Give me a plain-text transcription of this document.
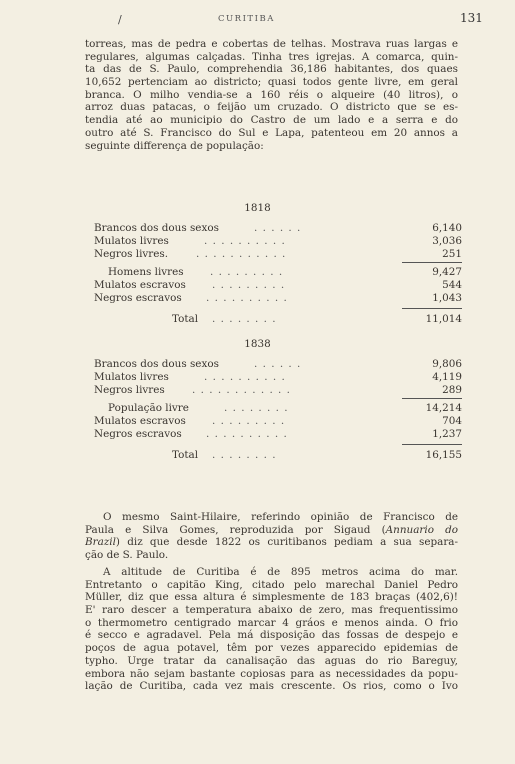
/	CURITIBA	131
torreas, mas de pedra e cobertas de telhas. Mostrava ruas largas e
regulares, algumas calçadas. Tinha tres igrejas. A comarca, quin-
ta das de S. Paulo, comprehendia 36,186 habitantes, dos quaes
10,652 pertenciam ao districto; quasi todos gente livre, em geral
branca. O milho vendia-se a 160 réis o alqueire (40 litros), o
arroz duas patacas, o feijão um cruzado. O districto que se es-
tendia até ao municipio do Castro de um lado e a serra e do
outro até S. Francisco do Sul e Lapa, patenteou em 20 annos a
seguinte differença de população:
1818
Brancos dos dous sexos	. . . . . .	6,140
Mulatos livres	. . . . . . . . . .	3,036
Negros livres.	. . . . . . . . . . .	251
Homens livres	. . . . . . . . .	9,427
Mulatos escravos	. . . . . . . . .	544
Negros escravos . . . . . . . . . .	1,043
Total . . . . . . . .	11,014
1838
Brancos dos dous sexos	. . . . . .	9,806
Mulatos livres	. . . . . . . . . .	4,119
Negros livres	. . . . . . . . . . . .	289
População livre	. . . . . . . .	14,214
Mulatos escravos	. . . . . . . . .	704
Negros escravos . . . . . . . . . .	1,237
Total . . . . . . . .	16,155
O mesmo Saint-Hilaire, referindo opinião de Francisco de
Paula e Silva Gomes, reproduzida por Sigaud (Annuario do
Brazil) diz que desde 1822 os curitibanos pediam a sua separa-
ção de S. Paulo.
A altitude de Curitiba é de 895 metros acima do mar.
Entretanto o capitão King, citado pelo marechal Daniel Pedro
Müller, diz que essa altura é simplesmente de 183 braças (402,6)!
E' raro descer a temperatura abaixo de zero, mas frequentissimo
o thermometro centigrado marcar 4 gráos e menos ainda. O frio
é secco e agradavel. Pela má disposição das fossas de despejo e
poços de agua potavel, têm por vezes apparecido epidemias de
typho. Urge tratar da canalisação das aguas do rio Bareguy,
embora não sejam bastante copiosas para as necessidades da popu-
lação de Curitiba, cada vez mais crescente. Os rios, como o Ivo
